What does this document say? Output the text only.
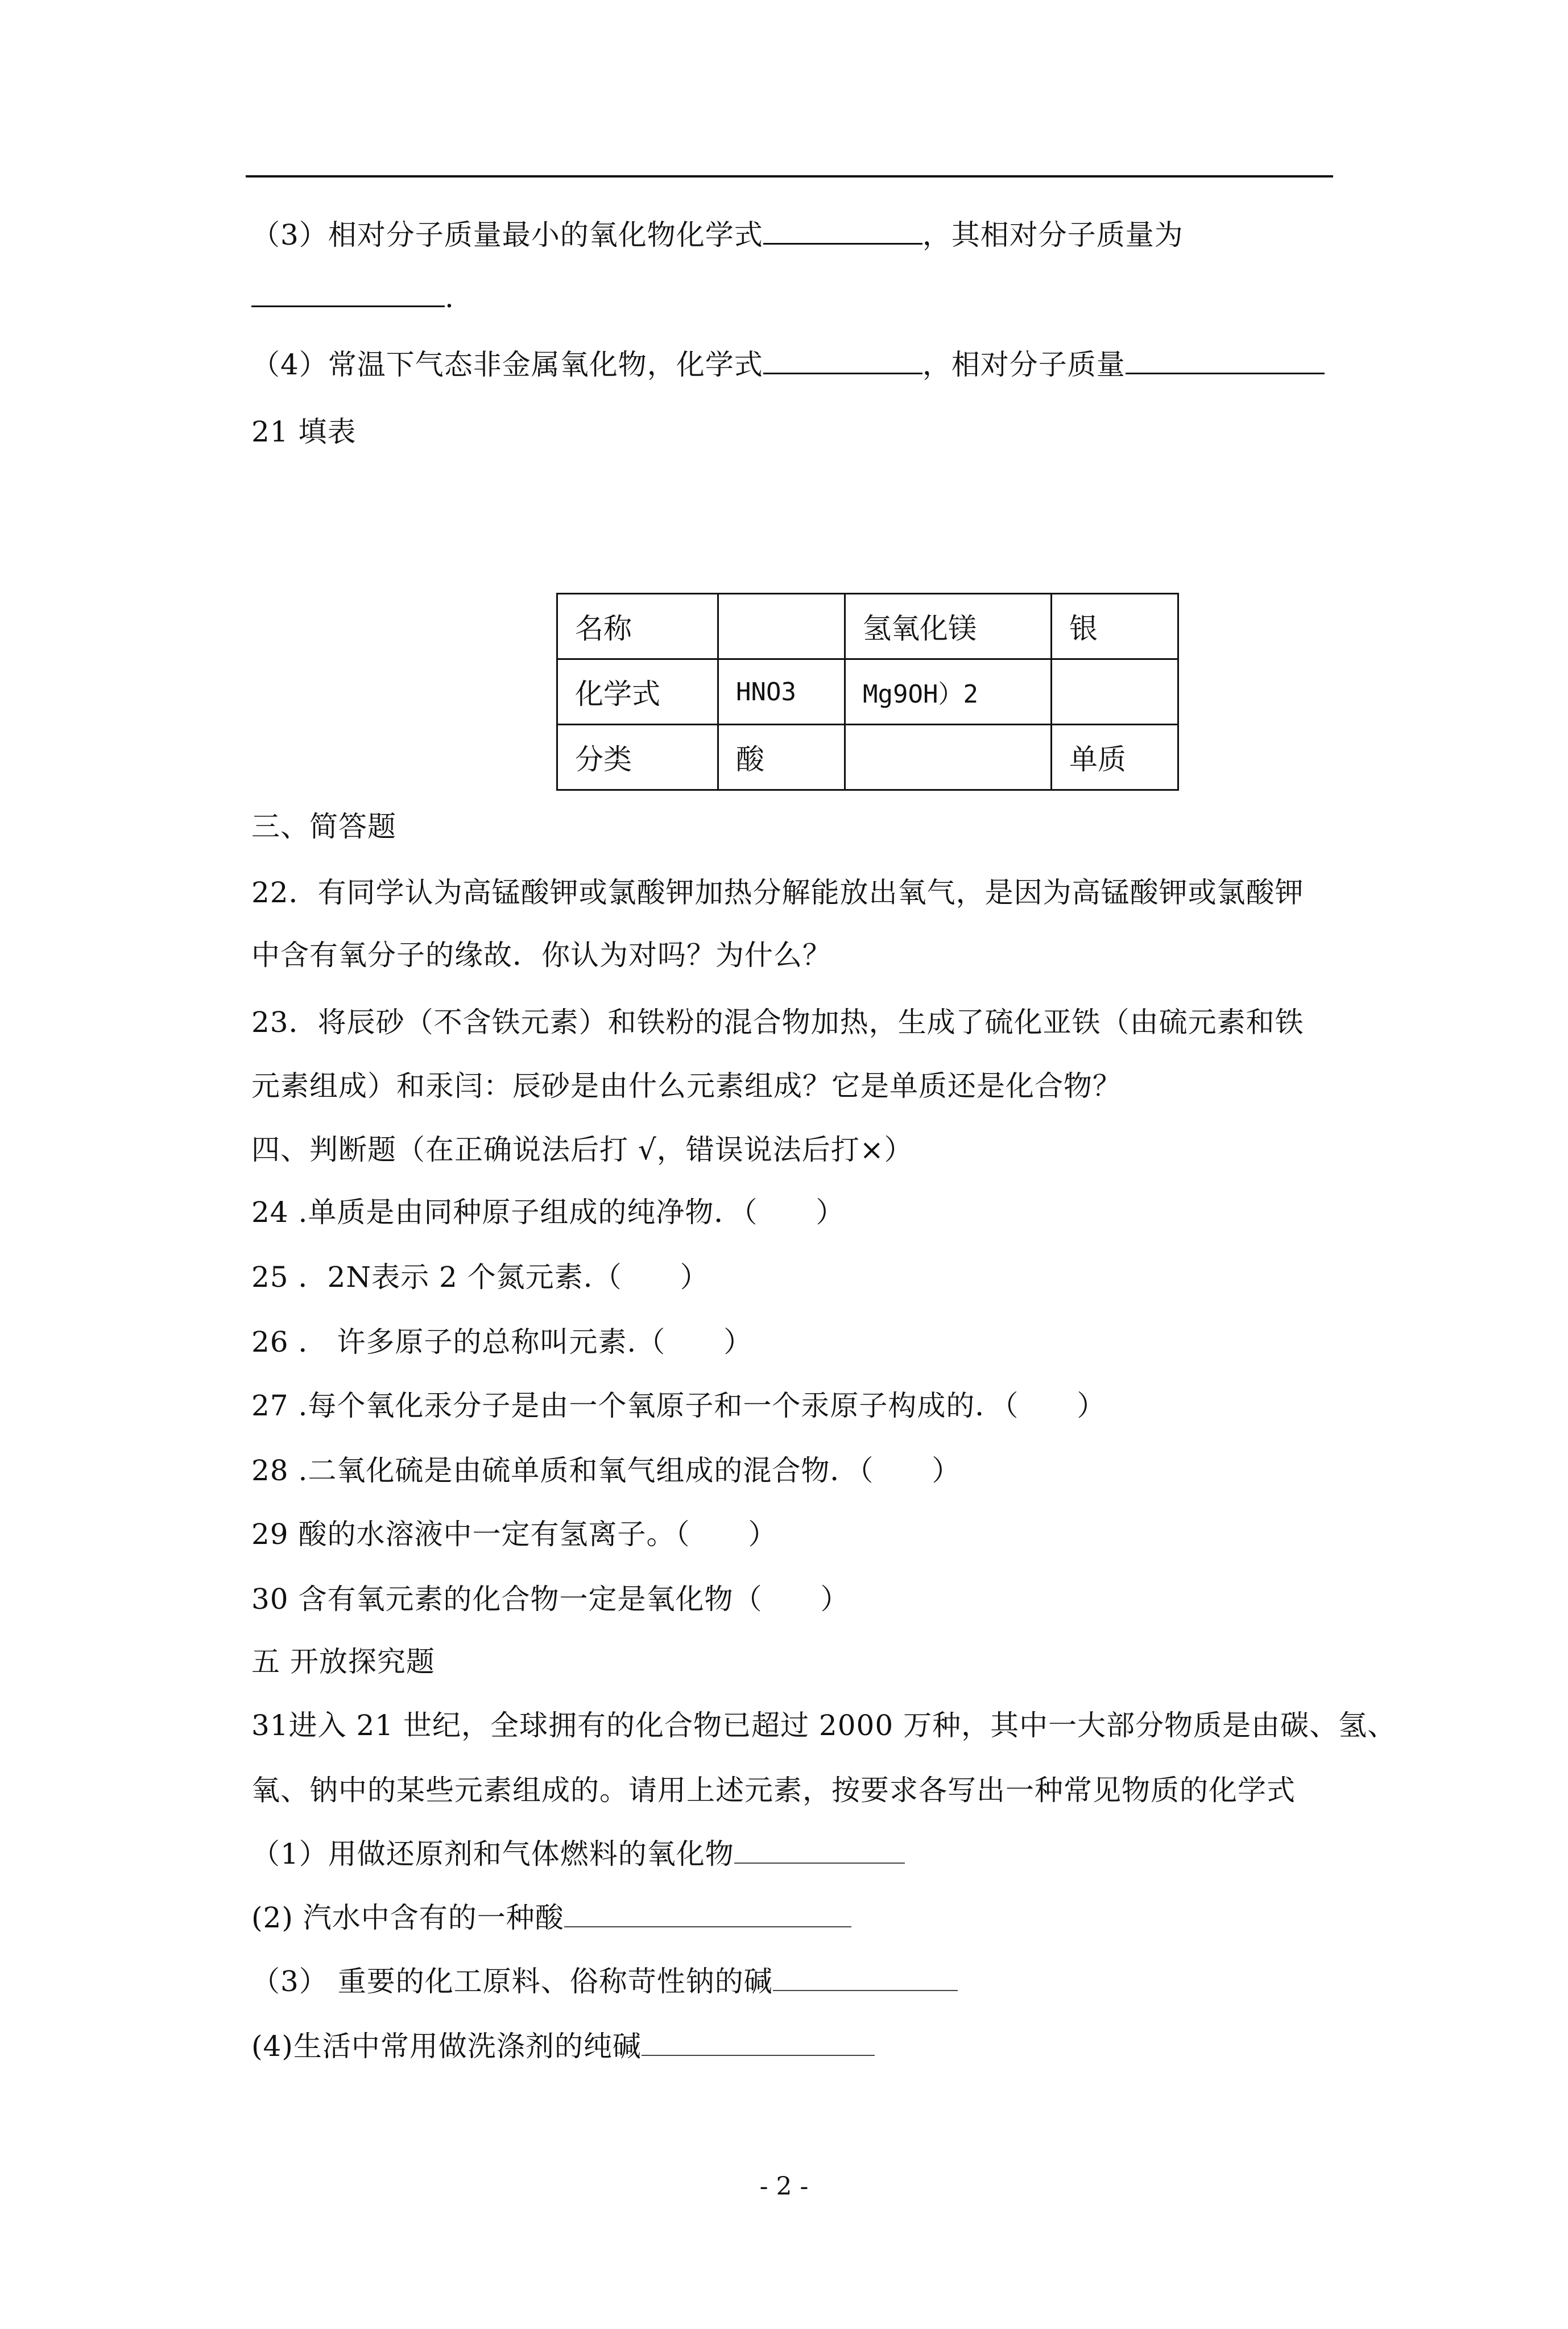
（3）相对分子质量最小的氧化物化学式	，其相对分子质量为
.
（4）常温下气态非金属氧化物，化学式	，相对分子质量
21 填表
名称		氢氧化镁	银
化学式	HNO3	Mg9OH）2	
分类	酸		单质
三、简答题
22．有同学认为高锰酸钾或氯酸钾加热分解能放出氧气，是因为高锰酸钾或氯酸钾
中含有氧分子的缘故．你认为对吗？为什么？
23．将辰砂（不含铁元素）和铁粉的混合物加热，生成了硫化亚铁（由硫元素和铁
元素组成）和汞闫：辰砂是由什么元素组成？它是单质还是化合物？
四、判断题（在正确说法后打 √，错误说法后打×）
24 .单质是由同种原子组成的纯净物．（　　）
25 ．2N表示 2 个氮元素.（　　）
26 ． 许多原子的总称叫元素.（　　）
27 .每个氧化汞分子是由一个氧原子和一个汞原子构成的．（　　）
28 .二氧化硫是由硫单质和氧气组成的混合物．（　　）
29 酸的水溶液中一定有氢离子。（　　）
30 含有氧元素的化合物一定是氧化物（　　）
五 开放探究题
31进入 21 世纪，全球拥有的化合物已超过 2000 万种，其中一大部分物质是由碳、氢、
氧、钠中的某些元素组成的。请用上述元素，按要求各写出一种常见物质的化学式
（1）用做还原剂和气体燃料的氧化物
(2) 汽水中含有的一种酸
（3） 重要的化工原料、俗称苛性钠的碱
(4)生活中常用做洗涤剂的纯碱
- 2 -
